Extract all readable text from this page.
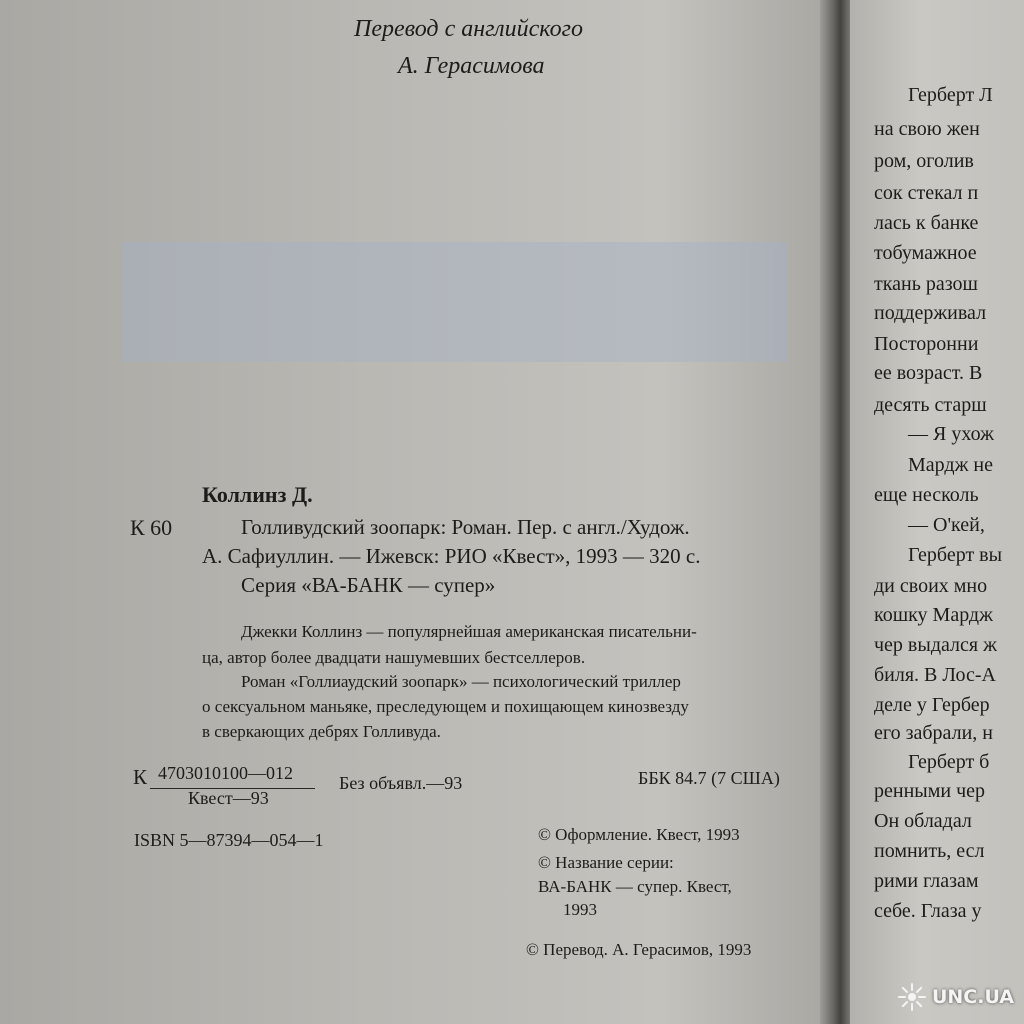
Перевод с английского
А. Герасимова
Коллинз Д.
К 60	Голливудский зоопарк: Роман. Пер. с англ./Худож.
А. Сафиуллин. — Ижевск: РИО «Квест», 1993 — 320 с.
Серия «ВА-БАНК — супер»
Джекки Коллинз — популярнейшая американская писательни-
ца, автор более двадцати нашумевших бестселлеров.
Роман «Голлиаудский зоопарк» — психологический триллер
о сексуальном маньяке, преследующем и похищающем кинозвезду
в сверкающих дебрях Голливуда.
К 4703010100—012
Квест—93
Без объявл.—93	ББК 84.7 (7 США)
ISBN 5—87394—054—1	© Оформление. Квест, 1993
© Название серии:
ВА-БАНК — супер. Квест,
1993
© Перевод. А. Герасимов, 1993
Герберт Л
на свою жен
ром, оголив
сок стекал п
лась к банке
тобумажное
ткань разош
поддерживал
Посторонни
ее возраст. В
десять старш
— Я ухож
Мардж не
еще несколь
— О'кей,
Герберт вы
ди своих мно
кошку Мардж
чер выдался ж
биля. В Лос-А
деле у Гербер
его забрали, н
Герберт б
ренными чер
Он обладал
помнить, есл
рими глазам
себе. Глаза у
UNC.UA
